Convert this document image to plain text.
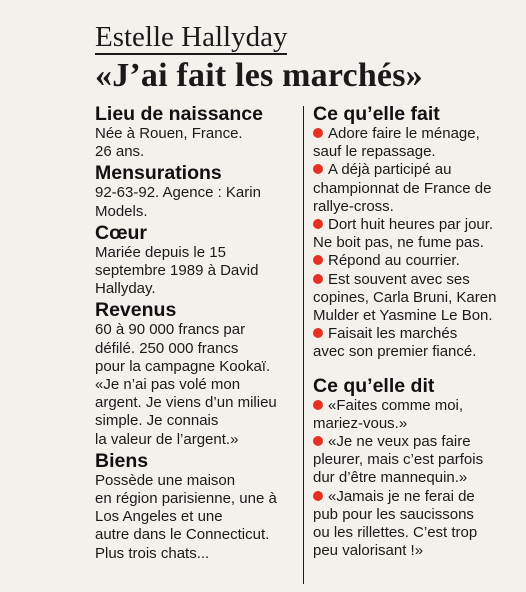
Estelle Hallyday
«J’ai fait les marchés»
Lieu de naissance

Née à Rouen, France.
26 ans.

Mensurations

92-63-92. Agence : Karin
Models.

Cœur

Mariée depuis le 15
septembre 1989 à David
Hallyday.

Revenus

60 à 90 000 francs par
défilé. 250 000 francs
pour la campagne Kookaï.
«Je n’ai pas volé mon
argent. Je viens d’un milieu
simple. Je connais
la valeur de l’argent.»

Biens

Possède une maison
en région parisienne, une à
Los Angeles et une
autre dans le Connecticut.
Plus trois chats...

Ce qu’elle fait
Adore faire le ménage,
sauf le repassage.
A déjà participé au
championnat de France de
rallye-cross.
Dort huit heures par jour.
Ne boit pas, ne fume pas.
Répond au courrier.
Est souvent avec ses
copines, Carla Bruni, Karen
Mulder et Yasmine Le Bon.
Faisait les marchés
avec son premier fiancé.
Ce qu’elle dit
«Faites comme moi,
mariez-vous.»
«Je ne veux pas faire
pleurer, mais c’est parfois
dur d’être mannequin.»
«Jamais je ne ferai de
pub pour les saucissons
ou les rillettes. C’est trop
peu valorisant !»
